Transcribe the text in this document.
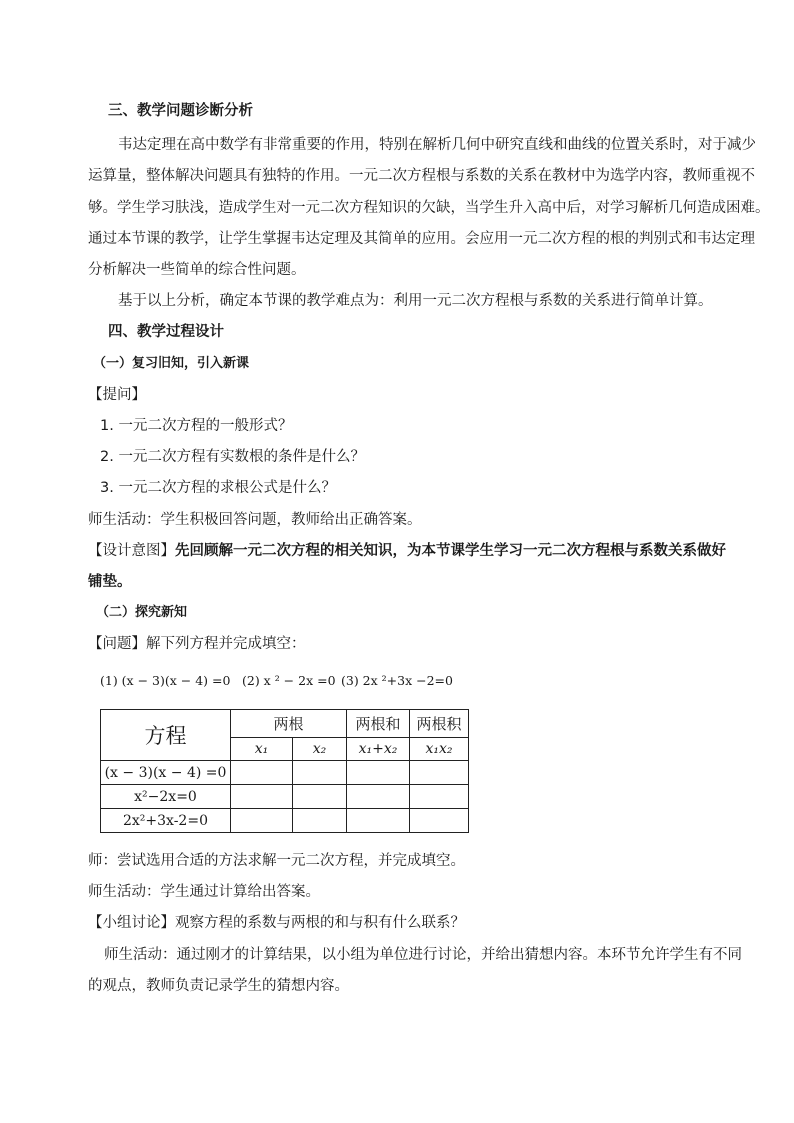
三、教学问题诊断分析
韦达定理在高中数学有非常重要的作用，特别在解析几何中研究直线和曲线的位置关系时，对于减少
运算量，整体解决问题具有独特的作用。一元二次方程根与系数的关系在教材中为选学内容，教师重视不
够。学生学习肤浅，造成学生对一元二次方程知识的欠缺，当学生升入高中后，对学习解析几何造成困难。
通过本节课的教学，让学生掌握韦达定理及其简单的应用。会应用一元二次方程的根的判别式和韦达定理
分析解决一些简单的综合性问题。
基于以上分析，确定本节课的教学难点为：利用一元二次方程根与系数的关系进行简单计算。
四、教学过程设计
（一）复习旧知，引入新课
【提问】
1. 一元二次方程的一般形式？
2. 一元二次方程有实数根的条件是什么？
3. 一元二次方程的求根公式是什么？
师生活动：学生积极回答问题，教师给出正确答案。
【设计意图】先回顾解一元二次方程的相关知识，为本节课学生学习一元二次方程根与系数关系做好
铺垫。
（二）探究新知
【问题】解下列方程并完成填空：
(1) (x − 3)(x − 4) =0 (2) x ² − 2x =0 (3) 2x ²+3x −2=0
方程	两根		两根和	两根积
	x₁	x₂	x₁+x₂	x₁x₂
(x − 3)(x − 4) =0				
x²−2x=0				
2x²+3x-2=0				
师：尝试选用合适的方法求解一元二次方程，并完成填空。
师生活动：学生通过计算给出答案。
【小组讨论】观察方程的系数与两根的和与积有什么联系？
师生活动：通过刚才的计算结果，以小组为单位进行讨论，并给出猜想内容。本环节允许学生有不同
的观点，教师负责记录学生的猜想内容。
